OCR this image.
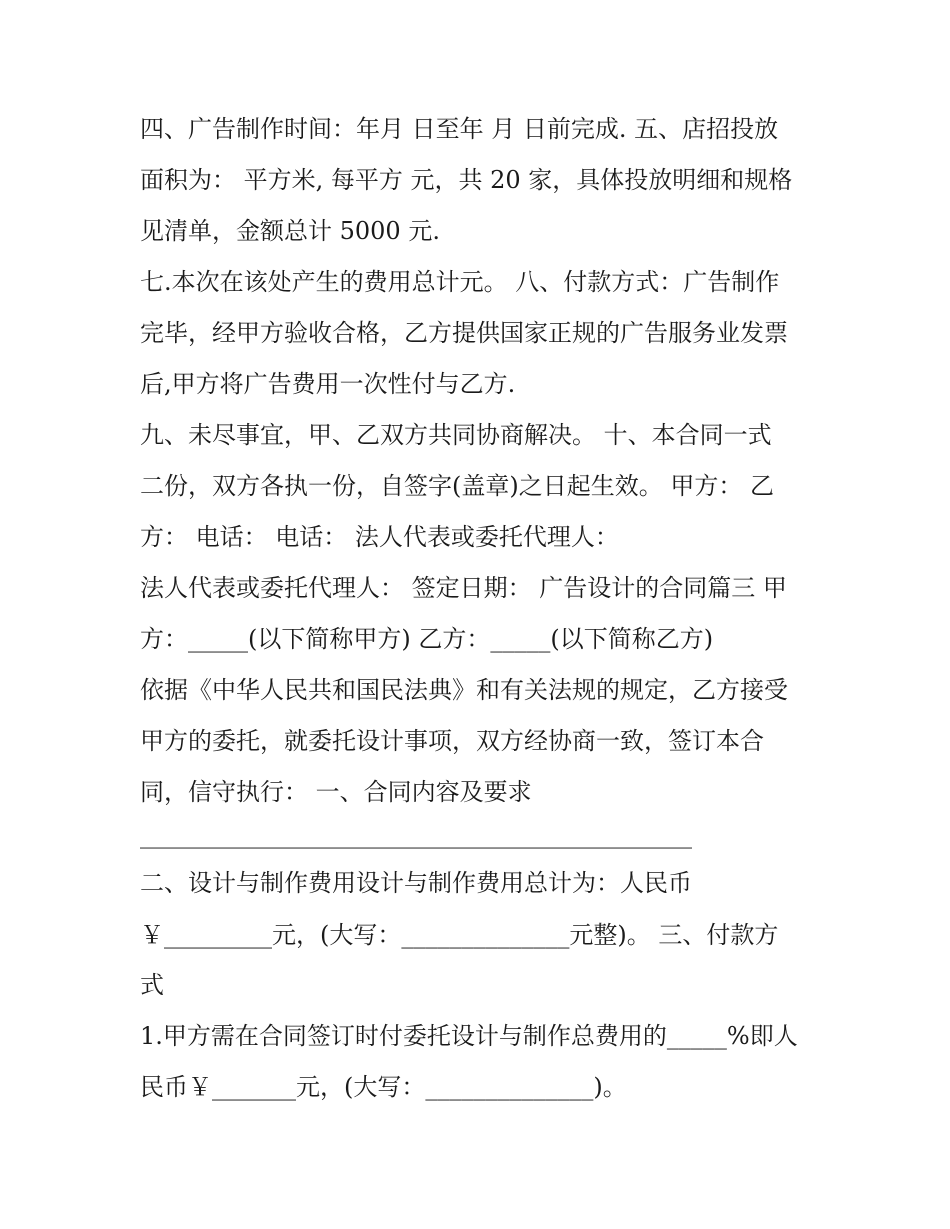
四、广告制作时间：年月 日至年 月 日前完成. 五、店招投放

面积为： 平方米, 每平方 元，共 20 家，具体投放明细和规格

见清单，金额总计 5000 元.

七.本次在该处产生的费用总计元。 八、付款方式：广告制作

完毕，经甲方验收合格，乙方提供国家正规的广告服务业发票

后,甲方将广告费用一次性付与乙方.

九、未尽事宜，甲、乙双方共同协商解决。 十、本合同一式

二份，双方各执一份，自签字(盖章)之日起生效。 甲方： 乙

方： 电话： 电话： 法人代表或委托代理人：

法人代表或委托代理人： 签定日期： 广告设计的合同篇三 甲

方：_____(以下简称甲方) 乙方：_____(以下简称乙方)

依据《中华人民共和国民法典》和有关法规的规定，乙方接受

甲方的委托，就委托设计事项，双方经协商一致，签订本合

同，信守执行： 一、合同内容及要求

______________________________________________

二、设计与制作费用设计与制作费用总计为：人民币

￥_________元，(大写：______________元整)。 三、付款方

式

1.甲方需在合同签订时付委托设计与制作总费用的_____%即人

民币￥_______元，(大写：______________)。
